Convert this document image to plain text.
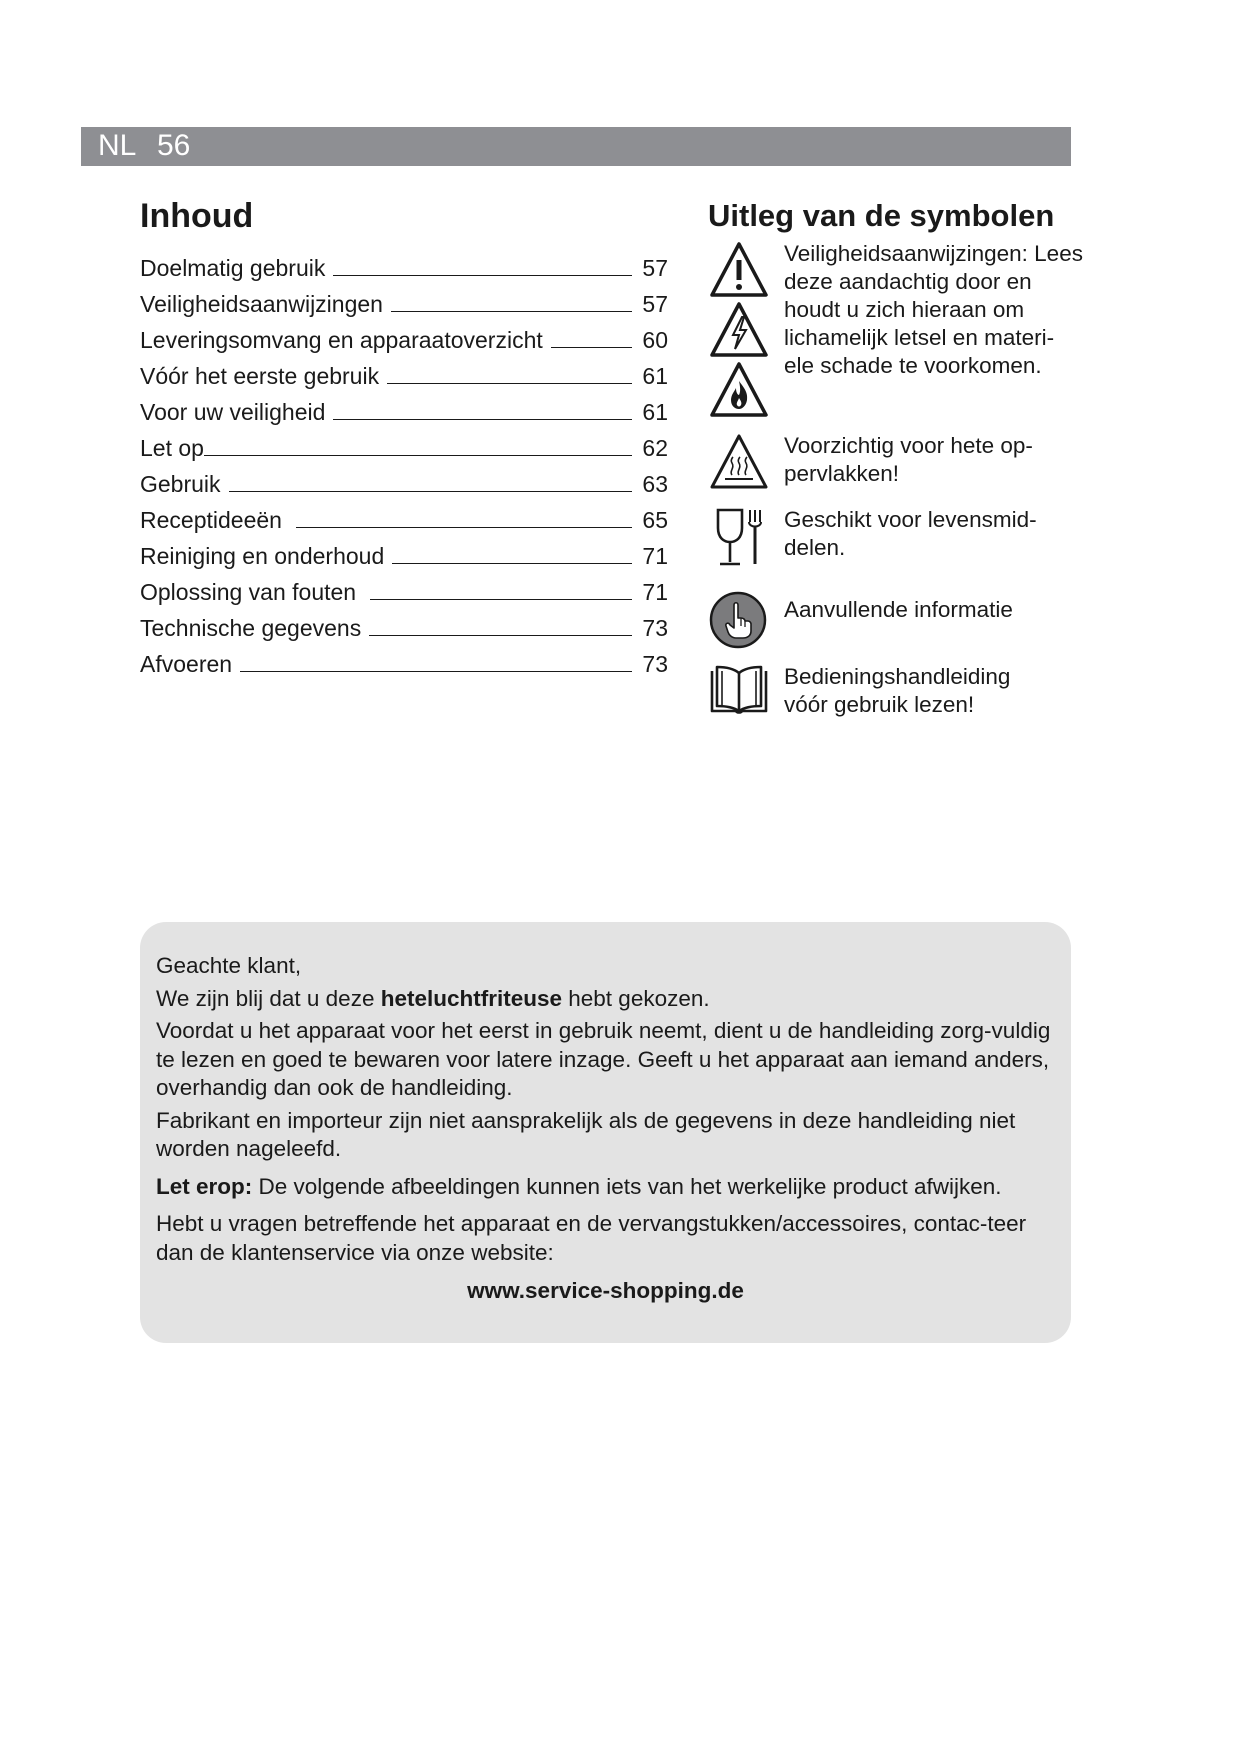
NL 56
Inhoud
Doelmatig gebruik	57
Veiligheidsaanwijzingen	57
Leveringsomvang en apparaatoverzicht	60
Vóór het eerste gebruik	61
Voor uw veiligheid	61
Let op	62
Gebruik	63
Receptideeën	65
Reiniging en onderhoud	71
Oplossing van fouten	71
Technische gegevens	73
Afvoeren	73
Uitleg van de symbolen
Veiligheidsaanwijzingen: Lees deze aandachtig door en houdt u zich hieraan om lichamelijk letsel en materi-ele schade te voorkomen.
Voorzichtig voor hete op-pervlakken!
Geschikt voor levensmid-delen.
Aanvullende informatie
Bedieningshandleiding vóór gebruik lezen!

Geachte klant,

We zijn blij dat u deze heteluchtfriteuse hebt gekozen.

Voordat u het apparaat voor het eerst in gebruik neemt, dient u de handleiding zorg-vuldig te lezen en goed te bewaren voor latere inzage. Geeft u het apparaat aan iemand anders, overhandig dan ook de handleiding.

Fabrikant en importeur zijn niet aansprakelijk als de gegevens in deze handleiding niet worden nageleefd.

Let erop: De volgende afbeeldingen kunnen iets van het werkelijke product afwijken.

Hebt u vragen betreffende het apparaat en de vervangstukken/accessoires, contac-teer dan de klantenservice via onze website:

www.service-shopping.de
